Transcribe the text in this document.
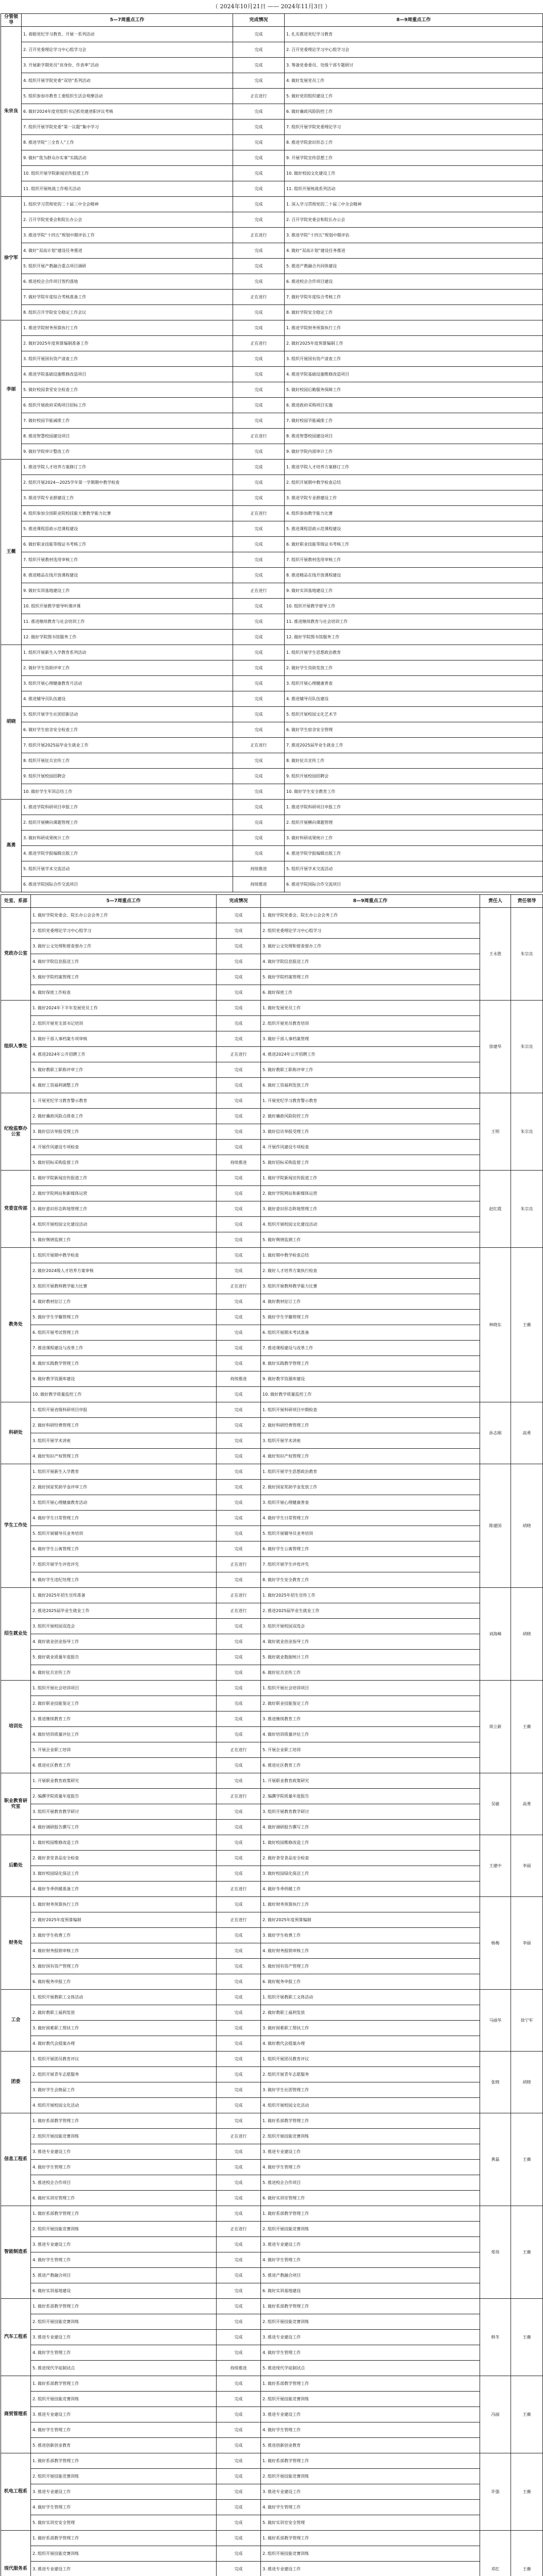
（ 2024年10月21日 —— 2024年11月3日 ）
分管领导	5—7周重点工作	完成情况	8—9周重点工作
朱宗良	1. 着眼党纪学习教育，开展一系列活动	完成	1. 扎实推进党纪学习教育
	2. 召开党委理论学习中心组学习会	完成	2. 召开党委理论学习中心组学习会
	3. 开展新学期党员“亮身份、作表率”活动	完成	3. 筹备党委委员、处级干部专题研讨
	4. 组织开展学院党委“双培”系列活动	完成	4. 做好发展党员工作
	5. 组织参加市教育工委组织生活会观摩活动	正在进行	5. 做好党的组织建设工作
	6. 做好2024年度党组织书记抓党建述职评议考核	完成	6. 做好廉政风险防控工作
	7. 组织开展学院党委“第一议题”集中学习	完成	7. 组织开展学院党委理论学习
	8. 推进学院“三全育人”工作	完成	8. 推进学院意识形态工作
	9. 做好“我为群众办实事”实践活动	完成	9. 开展学院宣传思想工作
	10. 组织开展学院新闻宣传报道工作	完成	10. 做好校园文化建设工作
	11. 组织开展统战工作相关活动	完成	11. 组织开展统战系列活动
徐宁军	1. 组织学习贯彻党的二十届三中全会精神	完成	1. 深入学习贯彻党的二十届三中全会精神
	2. 召开学院党委会和院长办公会	完成	2. 召开学院党委会和院长办公会
	3. 推进学院“十四五”规划中期评估工作	正在进行	3. 推进学院“十四五”规划中期评估
	4. 做好“双高计划”建设任务推进	完成	4. 做好“双高计划”建设任务推进
	5. 组织开展产教融合重点项目调研	完成	5. 推进产教融合共同体建设
	6. 推进校企合作项目签约落地	完成	6. 推进校企合作项目建设
	7. 做好学院年度综合考核准备工作	正在进行	7. 做好学院年度综合考核工作
	8. 组织召开学院安全稳定工作会议	完成	8. 做好学院安全稳定工作
李丽	1. 推进学院财务预算执行工作	完成	1. 推进学院财务预算执行工作
	2. 做好2025年度预算编制准备工作	正在进行	2. 做好2025年度预算编制工作
	3. 组织开展国有资产清查工作	完成	3. 组织开展国有资产清查工作
	4. 推进学院基础设施维修改造项目	完成	4. 推进学院基础设施维修改造项目
	5. 做好校园食堂安全检查工作	完成	5. 做好校园后勤服务保障工作
	6. 组织开展政府采购项目招标工作	完成	6. 推进政府采购项目实施
	7. 做好校园节能减排工作	完成	7. 做好校园节能减排工作
	8. 推进智慧校园建设项目	正在进行	8. 推进智慧校园建设项目
	9. 做好学院审计整改工作	完成	9. 做好学院内部审计工作
王薇	1. 推进学院人才培养方案修订工作	完成	1. 推进学院人才培养方案修订工作
	2. 组织开展2024—2025学年第一学期期中教学检查	完成	2. 组织开展期中教学检查总结
	3. 推进学院专业群建设工作	完成	3. 推进学院专业群建设工作
	4. 组织参加全国职业院校技能大赛教学能力比赛	正在进行	4. 组织参加教学能力比赛
	5. 推进课程思政示范课程建设	完成	5. 推进课程思政示范课程建设
	6. 做好职业技能等级证书考核工作	完成	6. 做好职业技能等级证书考核工作
	7. 组织开展教材选用审核工作	完成	7. 组织开展教材选用审核工作
	8. 推进精品在线开放课程建设	完成	8. 推进精品在线开放课程建设
	9. 做好实训基地建设工作	正在进行	9. 做好实训基地建设工作
	10. 组织开展教学督导听课评课	完成	10. 组织开展教学督导工作
	11. 推进继续教育与社会培训工作	完成	11. 推进继续教育与社会培训工作
	12. 做好学院图书馆服务工作	完成	12. 做好学院图书馆服务工作
胡晓	1. 组织开展新生入学教育系列活动	完成	1. 组织开展学生思想政治教育
	2. 做好学生资助评审工作	完成	2. 做好学生资助发放工作
	3. 组织开展心理健康教育月活动	完成	3. 组织开展心理健康普查
	4. 推进辅导员队伍建设	完成	4. 推进辅导员队伍建设
	5. 组织开展学生社团招新活动	完成	5. 组织开展校园文化艺术节
	6. 做好学生宿舍安全检查工作	完成	6. 做好学生宿舍安全管理
	7. 组织开展2025届毕业生就业工作	正在进行	7. 推进2025届毕业生就业工作
	8. 组织开展征兵宣传工作	完成	8. 做好征兵宣传工作
	9. 组织开展校园招聘会	完成	9. 组织开展校园招聘会
	10. 做好学生军训总结工作	完成	10. 做好学生安全教育工作
高勇	1. 推进学院科研项目申报工作	完成	1. 推进学院科研项目申报工作
	2. 组织开展横向课题管理工作	完成	2. 组织开展横向课题管理
	3. 做好科研成果统计工作	完成	3. 做好科研成果统计工作
	4. 推进学院学报编辑出版工作	完成	4. 推进学院学报编辑出版工作
	5. 组织开展学术交流活动	持续推进	5. 组织开展学术交流活动
	6. 推进学院国际合作交流项目	持续推进	6. 推进学院国际合作交流项目
处室、系部	5—7周重点工作	完成情况	8—9周重点工作	责任人	责任领导
党政办公室	1. 做好学院党委会、院长办公会会务工作	完成	1. 做好学院党委会、院长办公会会务工作	王永胜	朱宗良
	2. 组织党委理论学习中心组学习	完成	2. 组织党委理论学习中心组学习		
	3. 做好公文处理和督查督办工作	完成	3. 做好公文处理和督查督办工作		
	4. 做好学院信息报送工作	完成	4. 做好学院信息报送工作		
	5. 做好学院档案管理工作	完成	5. 做好学院档案管理工作		
	6. 做好保密工作检查	完成	6. 做好保密工作		
组织人事处	1. 做好2024年下半年发展党员工作	完成	1. 做好发展党员工作	徐建华	朱宗良
	2. 组织开展党支部书记培训	完成	2. 组织开展党员教育培训		
	3. 做好干部人事档案专项审核	完成	3. 做好干部人事档案管理		
	4. 推进2024年公开招聘工作	正在进行	4. 推进2024年公开招聘工作		
	5. 做好教职工职称评审工作	完成	5. 做好教职工职称评审工作		
	6. 做好工资福利调整工作	完成	6. 做好工资福利发放工作		
纪检监察办公室	1. 开展党纪学习教育警示教育	完成	1. 开展党纪学习教育警示教育	王明	朱宗良
	2. 做好廉政风险点排查工作	完成	2. 做好廉政风险防控工作		
	3. 做好信访举报受理工作	完成	3. 做好信访举报受理工作		
	4. 开展作风建设专项检查	完成	4. 开展作风建设专项检查		
	5. 做好招标采购监督工作	持续推进	5. 做好招标采购监督工作		
党委宣传部	1. 做好学院新闻宣传报道工作	完成	1. 做好学院新闻宣传报道工作	赵红霞	朱宗良
	2. 做好学院网站和新媒体运营	完成	2. 做好学院网站和新媒体运营		
	3. 做好意识形态阵地管理工作	完成	3. 做好意识形态阵地管理工作		
	4. 组织开展校园文化建设活动	完成	4. 组织开展校园文化建设活动		
	5. 做好舆情监测工作	完成	5. 做好舆情监测工作		
教务处	1. 组织开展期中教学检查	完成	1. 做好期中教学检查总结	林晓东	王薇
	2. 做好2024级人才培养方案审核	完成	2. 做好人才培养方案执行检查		
	3. 组织开展教师教学能力比赛	正在进行	3. 组织开展教师教学能力比赛		
	4. 做好教材征订工作	完成	4. 做好教材征订工作		
	5. 做好学生学籍管理工作	完成	5. 做好学生学籍管理工作		
	6. 组织开展考试管理工作	完成	6. 组织开展期末考试准备		
	7. 推进课程建设与改革工作	完成	7. 推进课程建设与改革工作		
	8. 做好实践教学管理工作	完成	8. 做好实践教学管理工作		
	9. 做好教学资源库建设	持续推进	9. 做好教学资源库建设		
	10. 做好教学质量监控工作	完成	10. 做好教学质量监控工作		
科研处	1. 组织开展省级科研项目申报	完成	1. 组织开展科研项目中期检查	孙志刚	高勇
	2. 做好科研经费管理工作	完成	2. 做好科研经费管理工作		
	3. 组织开展学术讲座	完成	3. 组织开展学术讲座		
	4. 做好知识产权管理工作	完成	4. 做好知识产权管理工作		
学生工作处	1. 组织开展新生入学教育	完成	1. 组织开展学生思想政治教育	陈建国	胡晓
	2. 做好国家奖助学金评审工作	完成	2. 做好国家奖助学金发放工作		
	3. 组织开展心理健康教育活动	完成	3. 组织开展心理健康普查		
	4. 做好学生日常管理工作	完成	4. 做好学生日常管理工作		
	5. 组织开展辅导员业务培训	完成	5. 组织开展辅导员业务培训		
	6. 做好学生公寓管理工作	完成	6. 做好学生公寓管理工作		
	7. 组织开展学生评优评先	正在进行	7. 组织开展学生评优评先		
	8. 做好学生违纪处理工作	完成	8. 做好学生安全教育工作		
招生就业处	1. 做好2025年招生宣传准备	正在进行	1. 做好2025年招生宣传工作	刘海峰	胡晓
	2. 推进2025届毕业生就业工作	正在进行	2. 推进2025届毕业生就业工作		
	3. 组织开展校园双选会	完成	3. 组织开展校园双选会		
	4. 做好就业创业指导工作	完成	4. 做好就业创业指导工作		
	5. 做好就业质量年度报告	完成	5. 做好就业数据统计工作		
	6. 做好征兵宣传工作	完成	6. 做好征兵宣传工作		
培训处	1. 组织开展社会培训项目	完成	1. 组织开展社会培训项目	周立新	王薇
	2. 做好职业技能鉴定工作	完成	2. 做好职业技能鉴定工作		
	3. 推进继续教育工作	完成	3. 推进继续教育工作		
	4. 做好培训质量评估工作	完成	4. 做好培训质量评估工作		
	5. 开展企业职工培训	正在进行	5. 开展企业职工培训		
	6. 推进社区教育工作	完成	6. 推进社区教育工作		
职业教育研究室	1. 开展职业教育政策研究	完成	1. 开展职业教育政策研究	吴敏	高勇
	2. 编撰学院质量年度报告	正在进行	2. 编撰学院质量年度报告		
	3. 组织开展教育教学研讨	完成	3. 组织开展教育教学研讨		
	4. 做好调研报告撰写工作	完成	4. 做好调研报告撰写工作		
后勤处	1. 做好校园维修改造工作	完成	1. 做好校园维修改造工作	王建中	李丽
	2. 做好食堂食品安全检查	完成	2. 做好食堂食品安全检查		
	3. 做好校园绿化保洁工作	完成	3. 做好校园绿化保洁工作		
	4. 做好冬季供暖准备工作	正在进行	4. 做好冬季供暖工作		
财务处	1. 做好财务预算执行工作	完成	1. 做好财务预算执行工作	杨梅	李丽
	2. 做好2025年度预算编制	正在进行	2. 做好2025年度预算编制		
	3. 做好学生收费工作	完成	3. 做好学生收费工作		
	4. 做好财务报销审核工作	完成	4. 做好财务报销审核工作		
	5. 做好国有资产管理工作	完成	5. 做好国有资产管理工作		
	6. 做好税务申报工作	完成	6. 做好税务申报工作		
工会	1. 组织开展教职工文体活动	完成	1. 组织开展教职工文体活动	马丽华	徐宁军
	2. 做好教职工福利发放	完成	2. 做好教职工福利发放		
	3. 做好困难职工帮扶工作	完成	3. 做好困难职工帮扶工作		
	4. 做好教代会提案办理	完成	4. 做好教代会提案办理		
团委	1. 组织开展团员教育评议	完成	1. 组织开展团员教育评议	张晓	胡晓
	2. 组织开展青年志愿服务	完成	2. 组织开展青年志愿服务		
	3. 做好学生会换届工作	完成	3. 做好学生社团管理工作		
	4. 组织开展校园文化活动	完成	4. 组织开展校园文化活动		
信息工程系	1. 做好系部教学管理工作	完成	1. 做好系部教学管理工作	黄磊	王薇
	2. 组织开展技能竞赛训练	正在进行	2. 组织开展技能竞赛训练		
	3. 推进专业建设工作	完成	3. 推进专业建设工作		
	4. 做好学生管理工作	完成	4. 做好学生管理工作		
	5. 推进校企合作项目	完成	5. 推进校企合作项目		
	6. 做好实训室管理工作	完成	6. 做好实训室管理工作		
智能制造系	1. 做好系部教学管理工作	完成	1. 做好系部教学管理工作	郑伟	王薇
	2. 组织开展技能竞赛训练	正在进行	2. 组织开展技能竞赛训练		
	3. 推进专业建设工作	完成	3. 推进专业建设工作		
	4. 做好学生管理工作	完成	4. 做好学生管理工作		
	5. 推进产教融合项目	完成	5. 推进产教融合项目		
	6. 做好实训基地建设	完成	6. 做好实训基地建设		
汽车工程系	1. 做好系部教学管理工作	完成	1. 做好系部教学管理工作	韩冬	王薇
	2. 组织开展技能竞赛训练	完成	2. 组织开展技能竞赛训练		
	3. 推进专业建设工作	完成	3. 推进专业建设工作		
	4. 做好学生管理工作	完成	4. 做好学生管理工作		
	5. 推进现代学徒制试点	持续推进	5. 推进现代学徒制试点		
商贸管理系	1. 做好系部教学管理工作	完成	1. 做好系部教学管理工作	冯丽	王薇
	2. 组织开展技能竞赛训练	完成	2. 组织开展技能竞赛训练		
	3. 推进专业建设工作	完成	3. 推进专业建设工作		
	4. 做好学生管理工作	完成	4. 做好学生管理工作		
	5. 推进创新创业教育	完成	5. 推进创新创业教育		
机电工程系	1. 做好系部教学管理工作	完成	1. 做好系部教学管理工作	许强	王薇
	2. 组织开展技能竞赛训练	完成	2. 组织开展技能竞赛训练		
	3. 推进专业建设工作	完成	3. 推进专业建设工作		
	4. 做好学生管理工作	完成	4. 做好学生管理工作		
	5. 做好实训室安全管理	完成	5. 做好实训室安全管理		
现代服务系	1. 做好系部教学管理工作	完成	1. 做好系部教学管理工作	邓红	王薇
	2. 组织开展技能竞赛训练	完成	2. 组织开展技能竞赛训练		
	3. 推进专业建设工作	完成	3. 推进专业建设工作		
